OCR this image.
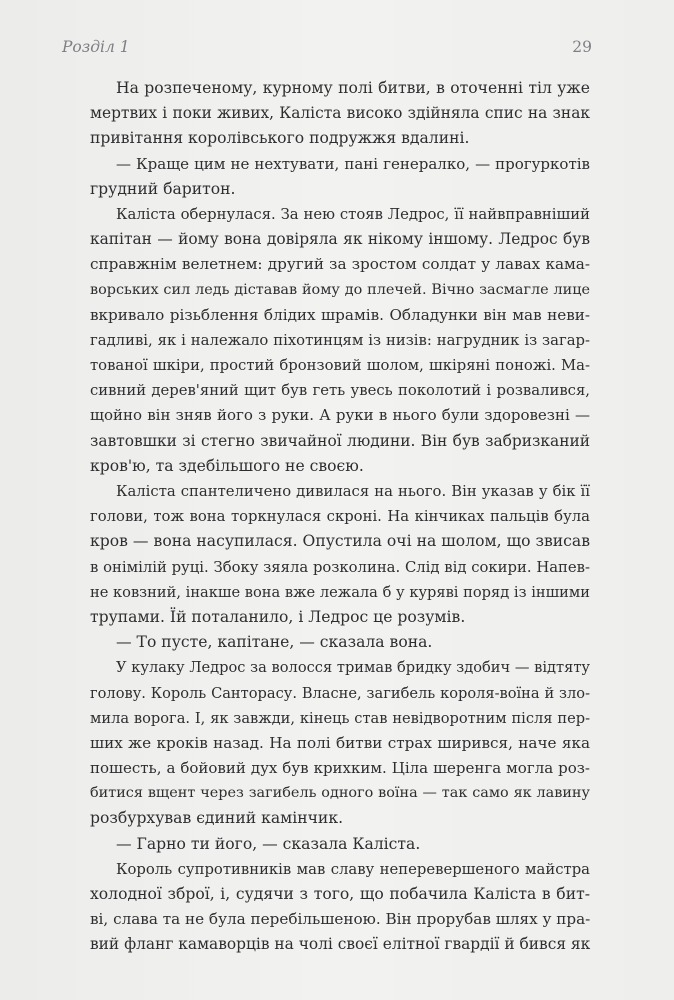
Розділ 1	29
На розпеченому, курному полі битви, в оточенні тіл уже
мертвих і поки живих, Каліста високо здійняла спис на знак
привітання королівського подружжя вдалині.
— Краще цим не нехтувати, пані генералко, — прогуркотів
грудний баритон.
Каліста обернулася. За нею стояв Ледрос, її найвправніший
капітан — йому вона довіряла як нікому іншому. Ледрос був
справжнім велетнем: другий за зростом солдат у лавах кама-
ворських сил ледь діставав йому до плечей. Вічно засмагле лице
вкривало різьблення блідих шрамів. Обладунки він мав неви-
гадливі, як і належало піхотинцям із низів: нагрудник із загар-
тованої шкіри, простий бронзовий шолом, шкіряні поножі. Ма-
сивний дерев'яний щит був геть увесь поколотий і розвалився,
щойно він зняв його з руки. А руки в нього були здоровезні —
завтовшки зі стегно звичайної людини. Він був забризканий
кров'ю, та здебільшого не своєю.
Каліста спантеличено дивилася на нього. Він указав у бік її
голови, тож вона торкнулася скроні. На кінчиках пальців була
кров — вона насупилася. Опустила очі на шолом, що звисав
в онімілій руці. Збоку зяяла розколина. Слід від сокири. Напев-
не ковзний, інакше вона вже лежала б у куряві поряд із іншими
трупами. Їй поталанило, і Ледрос це розумів.
— То пусте, капітане, — сказала вона.
У кулаку Ледрос за волосся тримав бридку здобич — відтяту
голову. Король Санторасу. Власне, загибель короля-воїна й зло-
мила ворога. І, як завжди, кінець став невідворотним після пер-
ших же кроків назад. На полі битви страх ширився, наче яка
пошесть, а бойовий дух був крихким. Ціла шеренга могла роз-
битися вщент через загибель одного воїна — так само як лавину
розбурхував єдиний камінчик.
— Гарно ти його, — сказала Каліста.
Король супротивників мав славу неперевершеного майстра
холодної зброї, і, судячи з того, що побачила Каліста в бит-
ві, слава та не була перебільшеною. Він прорубав шлях у пра-
вий фланг камаворців на чолі своєї елітної гвардії й бився як
